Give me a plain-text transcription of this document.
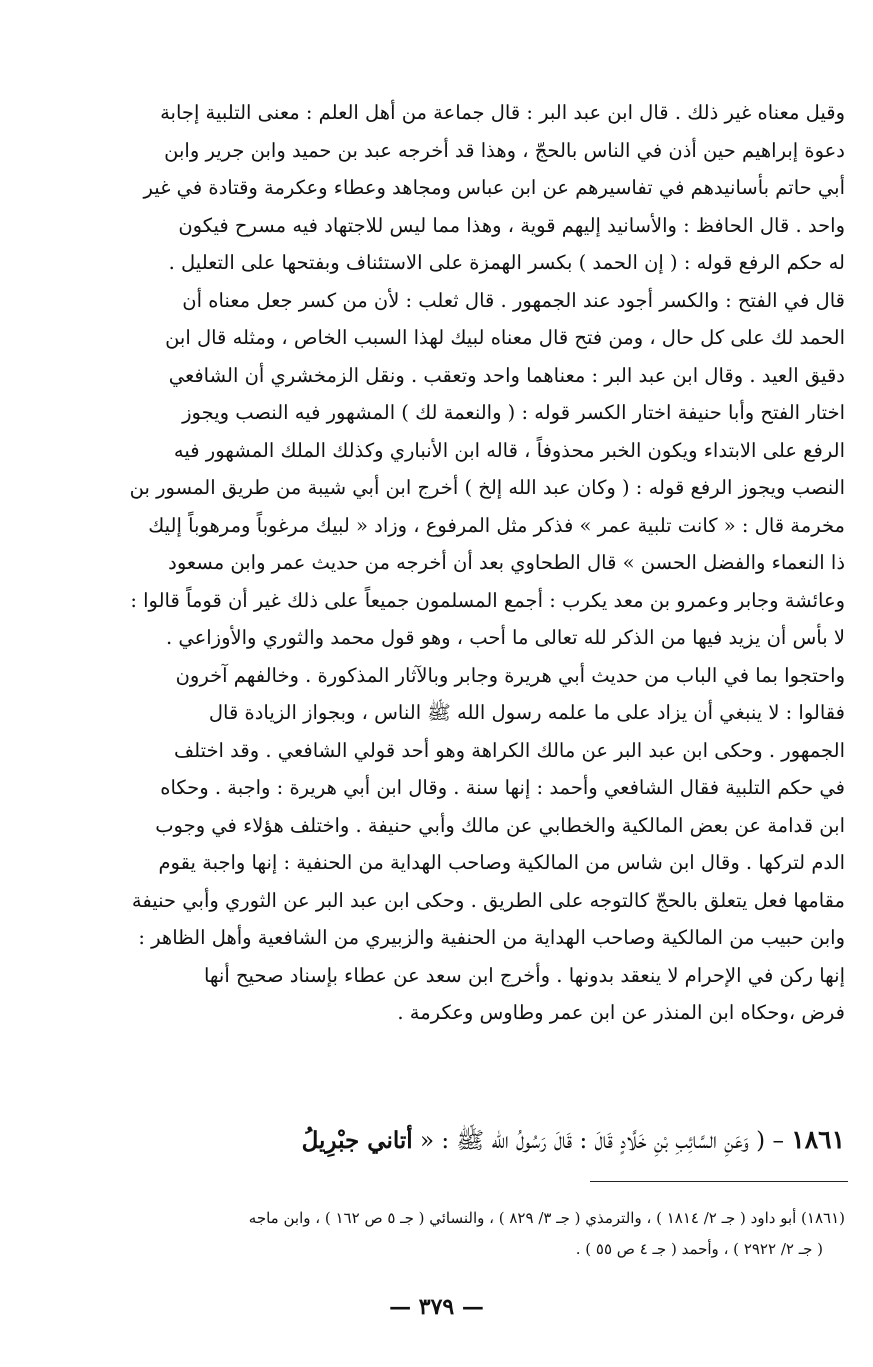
وقيل معناه غير ذلك . قال ابن عبد البر : قال جماعة من أهل العلم : معنى التلبية إجابة
دعوة إبراهيم حين أذن في الناس بالحجّ ، وهذا قد أخرجه عبد بن حميد وابن جرير وابن
أبي حاتم بأسانيدهم في تفاسيرهم عن ابن عباس ومجاهد وعطاء وعكرمة وقتادة في غير
واحد . قال الحافظ : والأسانيد إليهم قوية ، وهذا مما ليس للاجتهاد فيه مسرح فيكون
له حكم الرفع قوله : ( إن الحمد ) بكسر الهمزة على الاستئناف وبفتحها على التعليل .
قال في الفتح : والكسر أجود عند الجمهور . قال ثعلب : لأن من كسر جعل معناه أن
الحمد لك على كل حال ، ومن فتح قال معناه لبيك لهذا السبب الخاص ، ومثله قال ابن
دقيق العيد . وقال ابن عبد البر : معناهما واحد وتعقب . ونقل الزمخشري أن الشافعي
اختار الفتح وأبا حنيفة اختار الكسر قوله : ( والنعمة لك ) المشهور فيه النصب ويجوز
الرفع على الابتداء ويكون الخبر محذوفاً ، قاله ابن الأنباري وكذلك الملك المشهور فيه
النصب ويجوز الرفع قوله : ( وكان عبد الله إلخ ) أخرج ابن أبي شيبة من طريق المسور بن
مخرمة قال : « كانت تلبية عمر » فذكر مثل المرفوع ، وزاد « لبيك مرغوباً ومرهوباً إليك
ذا النعماء والفضل الحسن » قال الطحاوي بعد أن أخرجه من حديث عمر وابن مسعود
وعائشة وجابر وعمرو بن معد يكرب : أجمع المسلمون جميعاً على ذلك غير أن قوماً قالوا :
لا بأس أن يزيد فيها من الذكر لله تعالى ما أحب ، وهو قول محمد والثوري والأوزاعي .
واحتجوا بما في الباب من حديث أبي هريرة وجابر وبالآثار المذكورة . وخالفهم آخرون
فقالوا : لا ينبغي أن يزاد على ما علمه رسول الله ﷺ الناس ، وبجواز الزيادة قال
الجمهور . وحكى ابن عبد البر عن مالك الكراهة وهو أحد قولي الشافعي . وقد اختلف
في حكم التلبية فقال الشافعي وأحمد : إنها سنة . وقال ابن أبي هريرة : واجبة . وحكاه
ابن قدامة عن بعض المالكية والخطابي عن مالك وأبي حنيفة . واختلف هؤلاء في وجوب
الدم لتركها . وقال ابن شاس من المالكية وصاحب الهداية من الحنفية : إنها واجبة يقوم
مقامها فعل يتعلق بالحجّ كالتوجه على الطريق . وحكى ابن عبد البر عن الثوري وأبي حنيفة
وابن حبيب من المالكية وصاحب الهداية من الحنفية والزبيري من الشافعية وأهل الظاهر :
إنها ركن في الإحرام لا ينعقد بدونها . وأخرج ابن سعد عن عطاء بإسناد صحيح أنها
فرض ،وحكاه ابن المنذر عن ابن عمر وطاوس وعكرمة .
١٨٦١ – ( وَعَنِ السَّائِبِ بْنِ خَلَّادٍ قَالَ : قَالَ رَسُولُ الله ﷺ : « أتاني جبْرِيلُ
(١٨٦١) أبو داود ( جـ ٢/ ١٨١٤ ) ، والترمذي ( جـ ٣/ ٨٢٩ ) ، والنسائي ( جـ ٥ ص ١٦٢ ) ، وابن ماجه
( جـ ٢/ ٢٩٢٢ ) ، وأحمد ( جـ ٤ ص ٥٥ ) .
— ٣٧٩ —
